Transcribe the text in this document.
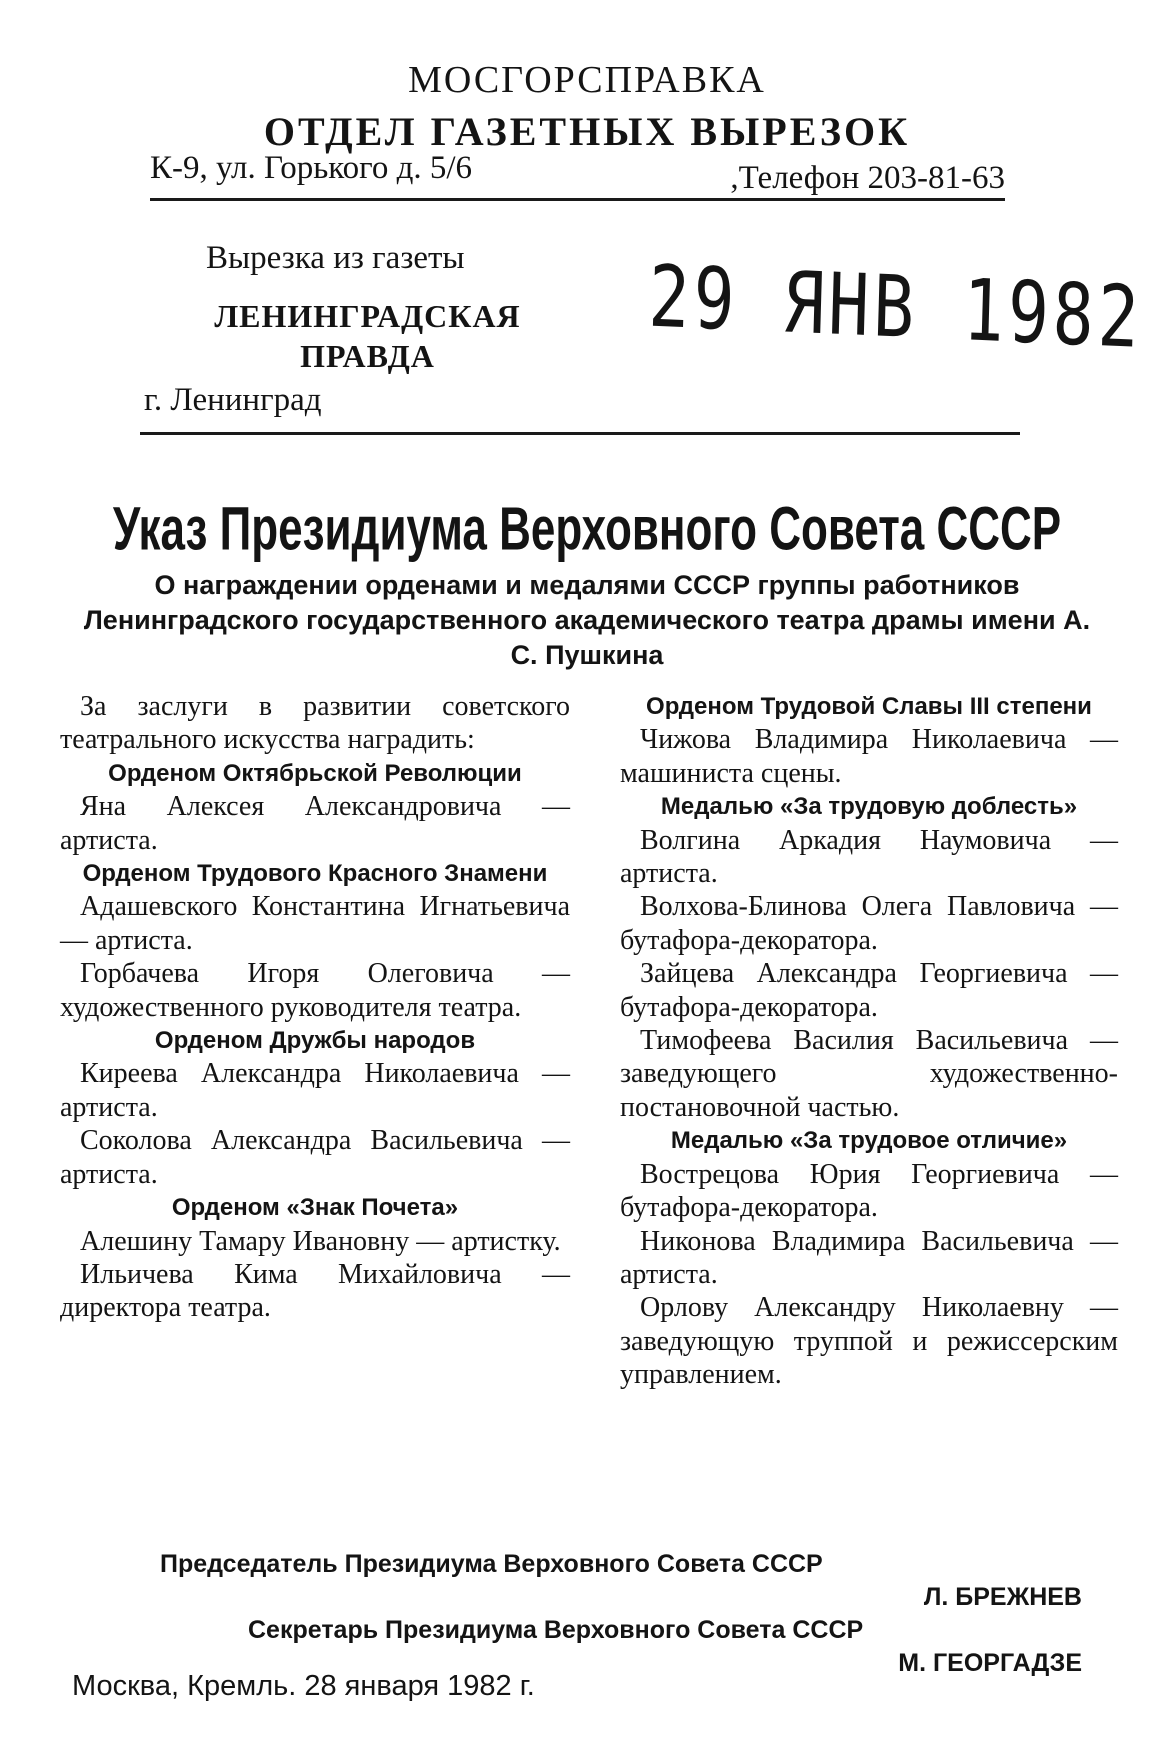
МОСГОРСПРАВКА
ОТДЕЛ ГАЗЕТНЫХ ВЫРЕЗОК
К-9, ул. Горького д. 5/6	,Телефон 203-81-63
Вырезка из газеты
ЛЕНИНГРАДСКАЯ
ПРАВДА	29 ЯНВ 1982
г. Ленинград
Указ Президиума Верховного Совета СССР
О награждении орденами и медалями СССР группы работников Ленинградского государственного академического театра драмы имени А. С. Пушкина

За заслуги в развитии советского театрального искусства наградить:

Орденом Октябрьской Революции

Яна Алексея Александровича — артиста.

Орденом Трудового Красного Знамени

Адашевского Константина Игнатьевича — артиста.

Горбачева Игоря Олеговича — художественного руководителя театра.

Орденом Дружбы народов

Киреева Александра Николаевича — артиста.

Соколова Александра Васильевича — артиста.

Орденом «Знак Почета»

Алешину Тамару Ивановну — артистку.

Ильичева Кима Михайловича — директора театра.

Орденом Трудовой Славы III степени

Чижова Владимира Николаевича — машиниста сцены.

Медалью «За трудовую доблесть»

Волгина Аркадия Наумовича — артиста.

Волхова-Блинова Олега Павловича — бутафора-декоратора.

Зайцева Александра Георгиевича — бутафора-декоратора.

Тимофеева Василия Васильевича — заведующего художественно-постановочной частью.

Медалью «За трудовое отличие»

Вострецова Юрия Георгиевича — бутафора-декоратора.

Никонова Владимира Васильевича — артиста.

Орлову Александру Николаевну — заведующую труппой и режиссерским управлением.

Председатель Президиума Верховного Совета СССР

Л. БРЕЖНЕВ

Секретарь Президиума Верховного Совета СССР

М. ГЕОРГАДЗЕ

Москва, Кремль. 28 января 1982 г.
